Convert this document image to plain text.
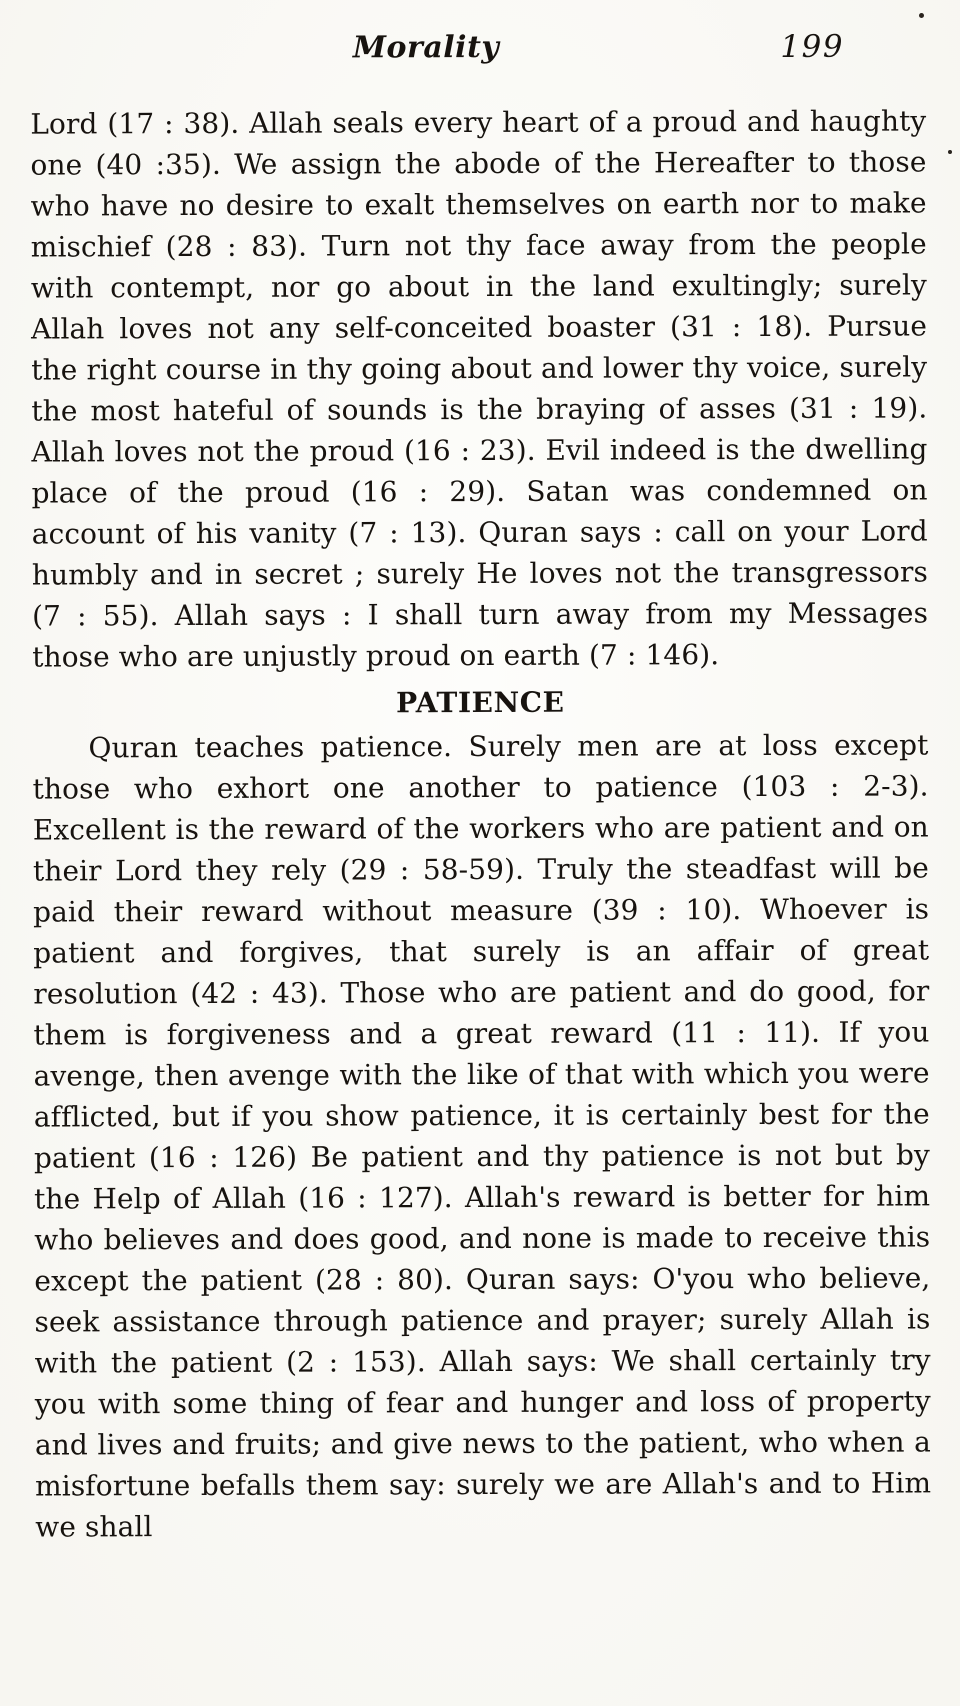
Morality	199

Lord (17 : 38). Allah seals every heart of a proud and haughty one (40 :35). We assign the abode of the Hereafter to those who have no desire to exalt themselves on earth nor to make mischief (28 : 83). Turn not thy face away from the people with contempt, nor go about in the land exultingly; surely Allah loves not any self-conceited boaster (31 : 18). Pursue the right course in thy going about and lower thy voice, surely the most hateful of sounds is the braying of asses (31 : 19). Allah loves not the proud (16 : 23). Evil indeed is the dwelling place of the proud (16 : 29). Satan was condemned on account of his vanity (7 : 13). Quran says : call on your Lord humbly and in secret ; surely He loves not the transgressors (7 : 55). Allah says : I shall turn away from my Messages those who are unjustly proud on earth (7 : 146).

PATIENCE

Quran teaches patience. Surely men are at loss except those who exhort one another to patience (103 : 2-3). Excellent is the reward of the workers who are patient and on their Lord they rely (29 : 58-59). Truly the steadfast will be paid their reward without measure (39 : 10). Whoever is patient and forgives, that surely is an affair of great resolution (42 : 43). Those who are patient and do good, for them is forgiveness and a great reward (11 : 11). If you avenge, then avenge with the like of that with which you were afflicted, but if you show patience, it is certainly best for the patient (16 : 126) Be patient and thy patience is not but by the Help of Allah (16 : 127). Allah's reward is better for him who believes and does good, and none is made to receive this except the patient (28 : 80). Quran says: O'you who believe, seek assistance through patience and prayer; surely Allah is with the patient (2 : 153). Allah says: We shall certainly try you with some thing of fear and hunger and loss of property and lives and fruits; and give news to the patient, who when a misfortune befalls them say: surely we are Allah's and to Him we shall
